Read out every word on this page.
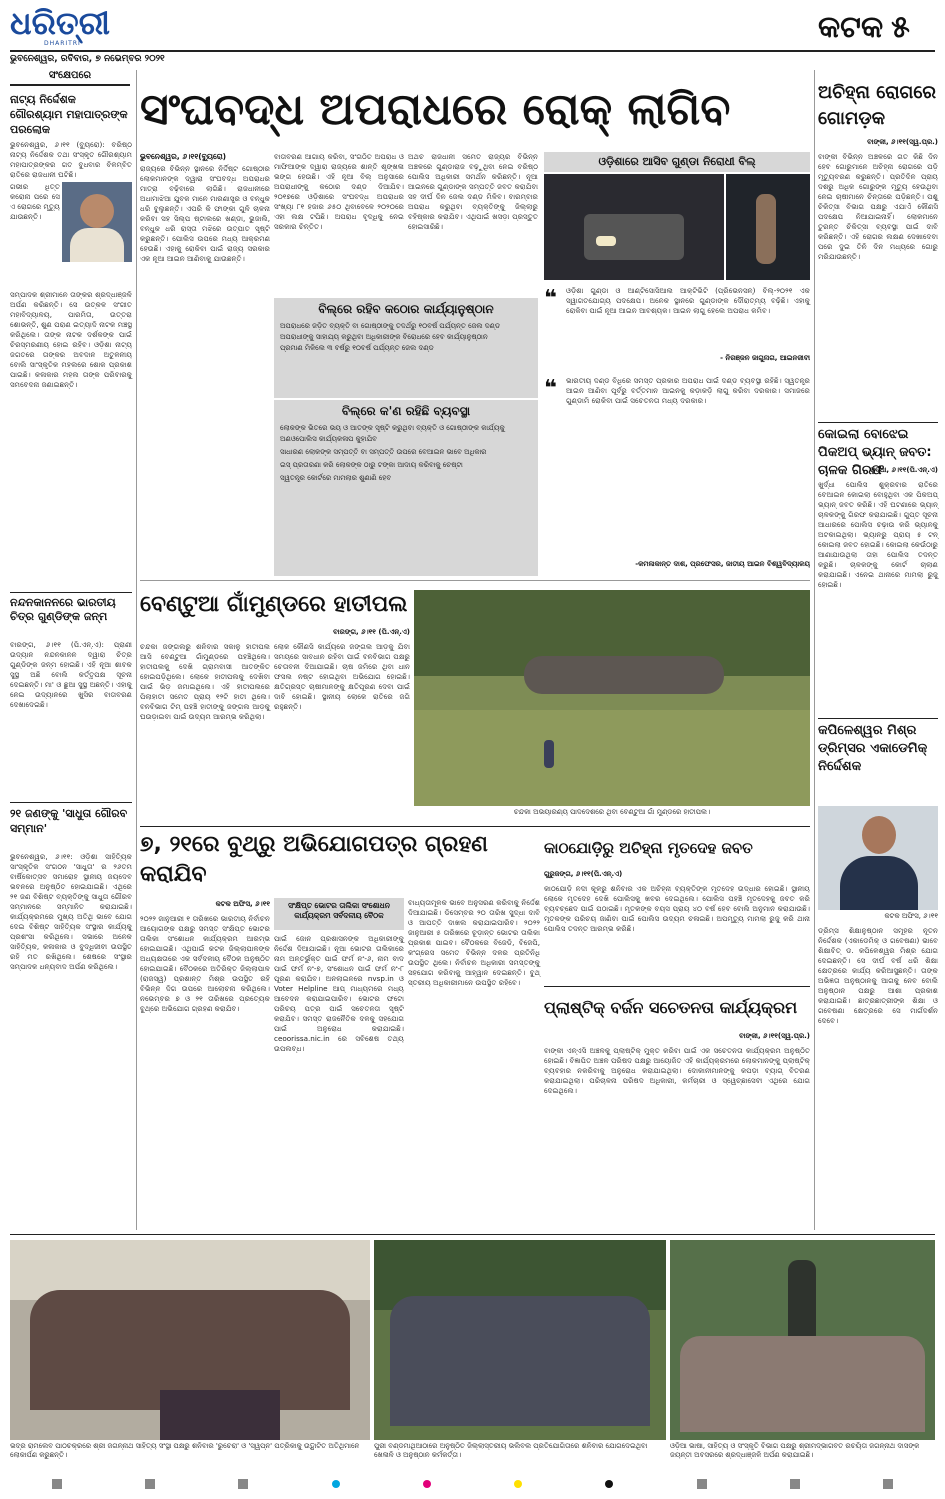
ଧରିତ୍ରୀ
DHARITRI
ଭୁବନେଶ୍ୱର, ରବିବାର, ୭ ନଭେମ୍ବର ୨୦୨୧
କଟକ ୫
ସଂକ୍ଷେପରେ
ନାଟ୍ୟ ନିର୍ଦ୍ଦେଶକ ଗୌରଶ୍ୟାମ ମହାପାତ୍ରଙ୍କ ପରଲୋକ
ଭୁବନେଶ୍ୱର, ୬।୧୧ (ବ୍ୟୁରୋ): ବରିଷ୍ଠ ନାଟ୍ୟ ନିର୍ଦ୍ଦେଶକ ତଥା ସଂସ୍କୃତ ଗୌରଶ୍ୟାମ ମହାପାତ୍ରଙ୍କର ଗତ ବୁଧବାର ବିଳମ୍ବିତ ରାତିରେ ରାଜଧାନୀ ଘଟିଛି।
ଗଭୀର ଧିତ୍ତ କରୋନା ପରେ ସେ ଏ ରୋଗରେ ମୃତ୍ୟୁ ଯାଉଛନ୍ତି।
ସମ୍ପାଦକ ଶ୍ରୀମାନେ ତାଙ୍କର ଶ୍ରଦ୍ଧାଞ୍ଜଳି ଅର୍ପଣ କରିଛନ୍ତି। ସେ ଉତ୍କଳ ସଂଗୀତ ମହାବିଦ୍ୟାଳୟ, ପାରମିତା, ଉତ୍ତରା ଶୋଭନ୍ତି, ଶୁଣ ପରାଣ ଇତ୍ୟାଦି ନାଟକ ମଞ୍ଚସ୍ଥ କରିଥିଲେ। ତାଙ୍କ ନାଟକ ଦର୍ଶକଙ୍କ ପାଇଁ ଚିରସ୍ମରଣୀୟ ହୋଇ ରହିବ। ଓଡ଼ିଶା ନାଟ୍ୟ ଜଗତରେ ତାଙ୍କର ଅବଦାନ ଅତୁଳନୀୟ ବୋଲି ସାଂସ୍କୃତିକ ମହଲରେ ଶୋକ ପ୍ରକାଶ ପାଇଛି। କଳାକାର ମହଲ ତାଙ୍କ ପରିବାରକୁ ସମବେଦନା ଜଣାଇଛନ୍ତି।
ନନ୍ଦନକାନନରେ ଭାରତୀୟ ଚିତ୍ର ଗୁଣ୍ଡିଙ୍କ ଜନ୍ମ
ବାରଙ୍ଗ, ୬।୧୧ (ପି.ଏନ୍.ଏ): ପ୍ରାଣୀ ଉଦ୍ୟାନ ନନ୍ଦନକାନନ ଦ୍ୱାରା ଚିତ୍ର ଗୁଣ୍ଡିଙ୍କ ଜନ୍ମ ହୋଇଛି। ଏହି ନୂଆ ଶାବକ ସୁସ୍ଥ ଅଛି ବୋଲି କର୍ତ୍ତୃପକ୍ଷ ସୂଚନା ଦେଇଛନ୍ତି। ମା' ଓ ଛୁଆ ସୁସ୍ଥ ଅଛନ୍ତି। ଏହାକୁ ନେଇ ଉଦ୍ୟାନରେ ଖୁସିର ବାତାବରଣ ଦେଖାଦେଇଛି।
୨୧ ଜଣଙ୍କୁ 'ସାଧୁତା ଗୌରବ ସମ୍ମାନ'
ଭୁବନେଶ୍ୱର, ୬।୧୧: ଓଡ଼ିଶା ସାହିତ୍ୟିକ ସାଂସ୍କୃତିକ ସଂଗଠନ 'ସାଧୁତା' ର ୨୬ତମ ବାର୍ଷିକୋତ୍ସବ ସମାରୋହ ସ୍ଥାନୀୟ ଜୟଦେବ ଭବନରେ ଅନୁଷ୍ଠିତ ହୋଇଯାଇଛି। ଏଥିରେ ୨୧ ଜଣ ବିଶିଷ୍ଟ ବ୍ୟକ୍ତିଙ୍କୁ ସାଧୁତା ଗୌରବ ସମ୍ମାନରେ ସମ୍ମାନିତ କରାଯାଇଛି। କାର୍ଯ୍ୟକ୍ରମରେ ମୁଖ୍ୟ ଅତିଥି ଭାବେ ଯୋଗ ଦେଇ ବିଶିଷ୍ଟ ସାହିତ୍ୟିକ ସଂସ୍ଥାର କାର୍ଯ୍ୟକୁ ପ୍ରଶଂସା କରିଥିଲେ। ସଭାରେ ଅନେକ ସାହିତ୍ୟିକ, କଳାକାର ଓ ବୁଦ୍ଧିଜୀବୀ ଉପସ୍ଥିତ ରହି ମତ ରଖିଥିଲେ। ଶେଷରେ ସଂସ୍ଥାର ସମ୍ପାଦକ ଧନ୍ୟବାଦ ଅର୍ପଣ କରିଥିଲେ।
ସଂଘବଦ୍ଧ ଅପରାଧରେ ରୋକ୍ ଲାଗିବ
ଭୁବନେଶ୍ୱର, ୬।୧୧(ବ୍ୟୁରୋ)
ରାଜ୍ୟରେ ବିଭିନ୍ନ ସ୍ଥାନରେ ନିର୍ଦ୍ଦିଷ୍ଟ ଗୋଷ୍ଠୀର ଲୋକମାନଙ୍କ ଦ୍ୱାରା ସଂଘବଦ୍ଧ ଅପରାଧର ମାତ୍ରା ବଢ଼ିବାରେ ଲାଗିଛି। ରାଜଧାନୀରେ ଅଧାମାଝିଆ ଯୁବକ ମାନେ ମାରଣାସ୍ତ୍ର ଓ ବନ୍ଧୁକ ଧରି ବୁଲୁଛନ୍ତି। ଏପରି କି ଫାଙ୍କା ଗୁଳି ଚାଳନା କରିବା ସହ ସିଲ୍ପ ଷ୍ଟାଲରେ ଖଣ୍ଡା, ଭୁଜାଲି, ବନ୍ଧୁକ ଧରି ରାସ୍ତା ମଝିରେ ଉତ୍ପାତ ସୃଷ୍ଟି କରୁଛନ୍ତି। ପୋଲିସ ଉପରେ ମଧ୍ୟ ଆକ୍ରମଣ ହେଉଛି। ଏହାକୁ ରୋକିବା ପାଇଁ ରାଜ୍ୟ ସରକାର ଏକ ନୂଆ ଆଇନ ଆଣିବାକୁ ଯାଉଛନ୍ତି।
ବାତାବରଣ ଆଗାୟ କରିବା, ସଂଗଠିତ ଅପରାଧ ଓ ମାଫିଆଙ୍କ ଦ୍ୱାରା ରାଜ୍ୟରେ ଶାନ୍ତି ଶୃଙ୍ଖଳା ଭଙ୍ଗ ହେଉଛି। ଏହି ନୂଆ ବିଲ୍ ଅନୁସାରେ ଅପରାଧୀଙ୍କୁ କଠୋର ଦଣ୍ଡ ଦିଆଯିବ। ୨୦୧୭ରେ ଓଡ଼ିଶାରେ ସଂଘବଦ୍ଧ ଅପରାଧର ସଂଖ୍ୟା ୮୧ ହଜାର ୬୫୦ ଥିବାବେଳେ ୨୦୨୦ରେ ଏହା ଲକ୍ଷ ଟପିଛି। ଅପରାଧ ବୃଦ୍ଧିକୁ ନେଇ ସରକାର ଚିନ୍ତିତ।
ଅଥଚ ରାଜଧାନୀ ସମେତ ରାଜ୍ୟର ବିଭିନ୍ନ ଅଞ୍ଚଳରେ ଗୁଣ୍ଡାରାଜ ବଢ଼ୁଥିବା ନେଇ ବରିଷ୍ଠ ପୋଲିସ ଅଧିକାରୀ ସମର୍ଥନ କରିଛନ୍ତି। ନୂଆ ଆଇନରେ ଗୁଣ୍ଡାଙ୍କ ସମ୍ପତ୍ତି ଜବତ କରାଯିବା ସହ ଦୀର୍ଘ ଦିନ ଜେଲ ଦଣ୍ଡ ମିଳିବ। ବାରମ୍ବାର ଅପରାଧ କରୁଥିବା ବ୍ୟକ୍ତିଙ୍କୁ ଜିଲ୍ଲାରୁ ବହିଷ୍କାର କରାଯିବ। ଏଥିପାଇଁ ଖସଡ଼ା ପ୍ରସ୍ତୁତ ହୋଇସାରିଛି।
ବିଲ୍‌ରେ ରହିବ କଠୋର କାର୍ଯ୍ୟାନୁଷ୍ଠାନ
ଅପରାଧରେ ଜଡ଼ିତ ବ୍ୟକ୍ତି ବା ଗୋଷ୍ଠୀଙ୍କୁ ତଦର୍ଥରୁ ୧୦ବର୍ଷ ପର୍ଯ୍ୟନ୍ତ ଜେଲ ଦଣ୍ଡ
ଅପରାଧୀଙ୍କୁ ସାହାଯ୍ୟ କରୁଥିବା ଅଧିକାରୀଙ୍କ ବିରୋଧରେ ହେବ କାର୍ଯ୍ୟାନୁଷ୍ଠାନ
ପ୍ରମାଣ ମିଳିଲେ ୩ ବର୍ଷରୁ ୧୦ବର୍ଷ ପର୍ଯ୍ୟନ୍ତ ଜେଲ ଦଣ୍ଡ
ବିଲ୍‌ରେ କ'ଣ ରହିଛି ବ୍ୟବସ୍ଥା
ଲୋକଙ୍କ ଭିତରେ ଭୟ ଓ ଆତଙ୍କ ସୃଷ୍ଟି କରୁଥିବା ବ୍ୟକ୍ତି ଓ ଗୋଷ୍ଠୀଙ୍କ କାର୍ଯ୍ୟକୁ ଅଣଓପୋଲିସ କାର୍ଯ୍ୟକଳାପ କୁହାଯିବ
ସାଧାରଣ ଲୋକଙ୍କ ସମ୍ପତ୍ତି ବା ସମ୍ପତ୍ତି ଉପରେ ବେଆଇନ ଭାବେ ଅଧିକାର
ଇସ୍ ପ୍ରତାରଣା କରି ଲୋକଙ୍କ ଠାରୁ ଟଙ୍କା ଆଦାୟ କରିବାକୁ ଚେଷ୍ଟା
ସ୍ୱତନ୍ତ୍ର କୋର୍ଟରେ ମାମଲାର ଶୁଣାଣି ହେବ
ଓଡ଼ିଶାରେ ଆସିବ ଗୁଣ୍ଡା ନିରୋଧୀ ବିଲ୍
❝ ଓଡ଼ିଶା ଗୁଣ୍ଡା ଓ ଆଣ୍ଟିସୋସିଆଲ ଆକ୍ଟିଭିଟି (ପ୍ରିଭେନସନ୍) ବିଲ୍-୨୦୨୧ ଏକ ସ୍ୱାଗତଯୋଗ୍ୟ ପଦକ୍ଷେପ। ଅନେକ ସ୍ଥାନରେ ଗୁଣ୍ଡାଙ୍କ ଦୌରାତ୍ମ୍ୟ ବଢ଼ିଛି। ଏହାକୁ ରୋକିବା ପାଇଁ ନୂଆ ଆଇନ ଆବଶ୍ୟକ। ଆଇନ ଲାଗୁ ହେଲେ ଅପରାଧ କମିବ।
- ନିରଞ୍ଜନ ଜାଗୁନାଗ, ଆଇନଜୀବୀ
❝ ଭାରତୀୟ ଦଣ୍ଡ ବିଧିରେ ସମସ୍ତ ପ୍ରକାର ଅପରାଧ ପାଇଁ ଦଣ୍ଡ ବ୍ୟବସ୍ଥା ରହିଛି। ସ୍ୱତନ୍ତ୍ର ଆଇନ ଆଣିବା ପୂର୍ବରୁ ବର୍ତ୍ତମାନ ଆଇନକୁ କଡ଼ାକଡ଼ି ଲାଗୁ କରିବା ଦରକାର। ସମାଜରେ ଗୁଣ୍ଡାମି ରୋକିବା ପାଇଁ ସଚେତନତା ମଧ୍ୟ ଦରକାର।
-କମଳାକାନ୍ତ ଦାଶ, ପ୍ରଫେସର, ଜାତୀୟ ଆଇନ ବିଶ୍ୱବିଦ୍ୟାଳୟ
ଅଚିହ୍ନା ରୋଗରେ ଗୋମଡ଼କ
ବାଙ୍କୀ, ୬।୧୧(ସ୍ୱ.ପ୍ର.)
ବାଙ୍କୀ ବିଭିନ୍ନ ଅଞ୍ଚଳରେ ଗତ କିଛି ଦିନ ହେବ ଗୋରୁମାନେ ଅଚିହ୍ନା ରୋଗରେ ପଡ଼ି ମୃତ୍ୟୁବରଣ କରୁଛନ୍ତି। ପ୍ରତିଦିନ ପ୍ରାୟ ଦଶରୁ ଅଧିକ ଗୋରୁଙ୍କ ମୃତ୍ୟୁ ହେଉଥିବା ନେଇ ଚାଷୀମାନେ ଚିନ୍ତାରେ ପଡ଼ିଛନ୍ତି। ପଶୁ ଚିକିତ୍ସା ବିଭାଗ ପକ୍ଷରୁ ଏଯାଏଁ କୌଣସି ପଦକ୍ଷେପ ନିଆଯାଇନାହିଁ। ଲୋକମାନେ ତୁରନ୍ତ ଚିକିତ୍ସା ବ୍ୟବସ୍ଥା ପାଇଁ ଦାବି କରିଛନ୍ତି। ଏହି ରୋଗର ଲକ୍ଷଣ ଦେଖାଦେବା ପରେ ଦୁଇ ତିନି ଦିନ ମଧ୍ୟରେ ଗୋରୁ ମରିଯାଉଛନ୍ତି।
କୋଇଲା ବୋଝେଇ ପିକଅପ୍ ଭ୍ୟାନ୍ ଜବତ: ଚାଳକ ଗିରଫ
ଖୁର୍ଦ୍ଧା, ୬।୧୧(ପି.ଏନ୍.ଏ)
ଖୁର୍ଦ୍ଧା ପୋଲିସ ଶୁକ୍ରବାର ରାତିରେ ବେଆଇନ କୋଇଲା ବୋହୁଥିବା ଏକ ପିକଅପ୍ ଭ୍ୟାନ୍ ଜବତ କରିଛି। ଏହି ଘଟଣାରେ ଭ୍ୟାନ୍ ଚାଳକଙ୍କୁ ଗିରଫ କରାଯାଇଛି। ଗୁପ୍ତ ସୂଚନା ଆଧାରରେ ପୋଲିସ ଚଢ଼ାଉ କରି ଭ୍ୟାନକୁ ଅଟକାଇଥିଲା। ଭ୍ୟାନରୁ ପ୍ରାୟ ୫ ଟନ୍ କୋଇଲା ଜବତ ହୋଇଛି। କୋଇଲା କେଉଁଠାରୁ ଆଣାଯାଉଥିଲା ତାହା ପୋଲିସ ତଦନ୍ତ କରୁଛି। ଚାଳକଙ୍କୁ କୋର୍ଟ ଚାଲାଣ କରାଯାଇଛି। ଏନେଇ ଥାନାରେ ମାମଲା ରୁଜୁ ହୋଇଛି।
କପିଳେଶ୍ୱର ମିଶ୍ର ଡ୍ରିମ୍ସର ଏକାଡେମିକ୍ ନିର୍ଦ୍ଦେଶକ
କଟକ ଅଫିସ, ୬।୧୧
ଡ୍ରିମ୍ସ ଶିକ୍ଷାନୁଷ୍ଠାନ ସମୂହର ନୂତନ ନିର୍ଦ୍ଦେଶକ (ଏକାଡେମିକ୍ ଓ ଗବେଷଣା) ଭାବେ ଶିକ୍ଷାବିତ୍ ଡ. କପିଳେଶ୍ୱର ମିଶ୍ର ଯୋଗ ଦେଇଛନ୍ତି। ସେ ଦୀର୍ଘ ବର୍ଷ ଧରି ଶିକ୍ଷା କ୍ଷେତ୍ରରେ କାର୍ଯ୍ୟ କରିଆସୁଛନ୍ତି। ତାଙ୍କ ଅଭିଜ୍ଞତା ଅନୁଷ୍ଠାନକୁ ଆଗକୁ ନେବ ବୋଲି ଅନୁଷ୍ଠାନ ପକ୍ଷରୁ ଆଶା ପ୍ରକାଶ କରାଯାଇଛି। ଛାତ୍ରଛାତ୍ରୀଙ୍କ ଶିକ୍ଷା ଓ ଗବେଷଣା କ୍ଷେତ୍ରରେ ସେ ମାର୍ଗଦର୍ଶନ ଦେବେ।
ବେଣ୍ଟୁଆ ଗାଁମୁଣ୍ଡରେ ହାତୀପଲ
ବାରଙ୍ଗ, ୬।୧୧ (ପି.ଏନ୍.ଏ)
ଚନ୍ଦକା ଜଙ୍ଗଲରୁ ଶନିବାର ସକାଳୁ ହାତୀପଲ ଆସି ବେଣ୍ଟୁଆ ଗାଁମୁଣ୍ଡରେ ପହଞ୍ଚିଥିଲେ। ହାତୀପଲକୁ ଦେଖି ଗ୍ରାମବାସୀ ଆତଙ୍କିତ ହୋଇପଡ଼ିଥିଲେ। ଲୋକେ ହାତୀପଲକୁ ଦେଖିବା ପାଇଁ ଭିଡ଼ ଜମାଇଥିଲେ। ଏହି ହାତୀପଲରେ ପିଲାହାତୀ ସମେତ ପ୍ରାୟ ୧୨ଟି ହାତୀ ଥିଲେ। ବନବିଭାଗ ଟିମ୍ ପହଞ୍ଚି ହାତୀଙ୍କୁ ଜଙ୍ଗଲ ଆଡ଼କୁ ଘଉଡ଼ାଇବା ପାଇଁ ଉଦ୍ୟମ ଆରମ୍ଭ କରିଥିଲା।
ଲୋକ କୌଣସି କାର୍ଯ୍ୟରେ ଜଙ୍ଗଲ ଆଡ଼କୁ ଯିବା ସମୟରେ ସାବଧାନ ରହିବା ପାଇଁ ବନବିଭାଗ ପକ୍ଷରୁ ଚେତାବନୀ ଦିଆଯାଇଛି। ଚାଷ ଜମିରେ ଥିବା ଧାନ ଫସଲ ନଷ୍ଟ ହୋଇଥିବା ଅଭିଯୋଗ ହୋଇଛି। କ୍ଷତିଗ୍ରସ୍ତ ଚାଷୀମାନଙ୍କୁ କ୍ଷତିପୂରଣ ଦେବା ପାଇଁ ଦାବି ହୋଇଛି। ସ୍ଥାନୀୟ ଲୋକେ ରାତିରେ ଜଗି ରହୁଛନ୍ତି।
ଚନ୍ଦକା ଅଭୟାରଣ୍ୟ ପାଦଦେଶରେ ଥିବା ବେଣ୍ଟୁଆ ଗାଁ ମୁଣ୍ଡରେ ହାତୀପଲ।
୭, ୨୧ରେ ବୁଥ୍‌ରୁ ଅଭିଯୋଗପତ୍ର ଗ୍ରହଣ କରାଯିବ
କଟକ ଅଫିସ, ୬।୧୧	ସଂକ୍ଷିପ୍ତ ଭୋଟର ତାଲିକା ସଂଶୋଧନ କାର୍ଯ୍ୟକ୍ରମ ସର୍ବଦଳୀୟ ବୈଠକ
୨୦୨୨ ଜାନୁଆରୀ ୧ ତାରିଖରେ ଭାରତୀୟ ନିର୍ବାଚନ ଆୟୋଗଙ୍କ ପକ୍ଷରୁ ସମସ୍ତ ସଂକ୍ଷିପ୍ତ ଭୋଟର ତାଲିକା ସଂଶୋଧନ କାର୍ଯ୍ୟକ୍ରମ ଆରମ୍ଭ ହୋଇଯାଇଛି। ଏଥିପାଇଁ କଟକ ଜିଲ୍ଲାପାଳଙ୍କ ଅଧ୍ୟକ୍ଷତାରେ ଏକ ସର୍ବଦଳୀୟ ବୈଠକ ଅନୁଷ୍ଠିତ ହୋଇଯାଇଛି। ବୈଠକରେ ଅତିରିକ୍ତ ଜିଲ୍ଲାପାଳ (ରାଜସ୍ୱ) ପ୍ରଶାନ୍ତ ମିଶ୍ର ଉପସ୍ଥିତ ରହି ବିଭିନ୍ନ ଦିଗ ଉପରେ ଆଲୋଚନା କରିଥିଲେ। ନଭେମ୍ବର ୭ ଓ ୨୧ ତାରିଖରେ ପ୍ରତ୍ୟେକ ବୁଥ୍‌ରେ ଅଭିଯୋଗ ଗ୍ରହଣ କରାଯିବ।
ପାଇଁ ଜୋନ ପ୍ରଶାସନଙ୍କ ଅଧିକାରୀଙ୍କୁ ନିର୍ଦ୍ଦେଶ ଦିଆଯାଇଛି। ନୂଆ ଭୋଟର ତାଲିକାରେ ନାମ ଅନ୍ତର୍ଭୁକ୍ତ ପାଇଁ ଫର୍ମ ନଂ-୬, ନାମ ବାଦ ପାଇଁ ଫର୍ମ ନଂ-୭, ସଂଶୋଧନ ପାଇଁ ଫର୍ମ ନଂ-୮ ପୂରଣ କରାଯିବ। ଅନଲାଇନରେ nvsp.in ଓ Voter Helpline ଆପ୍ ମାଧ୍ୟମରେ ମଧ୍ୟ ଆବେଦନ କରାଯାଇପାରିବ। ଭୋଟର ଫଟୋ ପରିଚୟ ପତ୍ର ପାଇଁ ସଚେତନତା ସୃଷ୍ଟି କରାଯିବ। ସମସ୍ତ ରାଜନୈତିକ ଦଳକୁ ସହଯୋଗ ପାଇଁ ଅନୁରୋଧ କରାଯାଇଛି। ceoorissa.nic.in ରେ ସବିଶେଷ ତଥ୍ୟ ଉପଲବ୍ଧ।
ବାଧ୍ୟତାମୂଳକ ଭାବେ ଅନୁସରଣ କରିବାକୁ ନିର୍ଦ୍ଦେଶ ଦିଆଯାଇଛି। ଡିସେମ୍ବର ୨୦ ତାରିଖ ସୁଦ୍ଧା ଦାବି ଓ ଆପତ୍ତି ଦାଖଲ କରାଯାଇପାରିବ। ୨୦୨୨ ଜାନୁଆରୀ ୫ ତାରିଖରେ ଚୂଡ଼ାନ୍ତ ଭୋଟର ତାଲିକା ପ୍ରକାଶ ପାଇବ। ବୈଠକରେ ବିଜେଡି, ବିଜେପି, କଂଗ୍ରେସ ସମେତ ବିଭିନ୍ନ ଦଳର ପ୍ରତିନିଧି ଉପସ୍ଥିତ ଥିଲେ। ନିର୍ବାଚନ ଅଧିକାରୀ ସମସ୍ତଙ୍କୁ ସହଯୋଗ କରିବାକୁ ଆହ୍ୱାନ ଦେଇଛନ୍ତି। ବୁଥ୍ ସ୍ତରୀୟ ଅଧିକାରୀମାନେ ଉପସ୍ଥିତ ରହିବେ।
କାଠଯୋଡ଼ିରୁ ଅଚିହ୍ନା ମୃତଦେହ ଜବତ
ଗୁରୁଜଙ୍ଗ, ୬।୧୧(ପି.ଏନ୍.ଏ)
କାଠଯୋଡ଼ି ନଦୀ କୂଳରୁ ଶନିବାର ଏକ ଅଚିହ୍ନା ବ୍ୟକ୍ତିଙ୍କ ମୃତଦେହ ଉଦ୍ଧାର ହୋଇଛି। ସ୍ଥାନୀୟ ଲୋକେ ମୃତଦେହ ଦେଖି ପୋଲିସକୁ ଖବର ଦେଇଥିଲେ। ପୋଲିସ ପହଞ୍ଚି ମୃତଦେହକୁ ଜବତ କରି ବ୍ୟବଚ୍ଛେଦ ପାଇଁ ପଠାଇଛି। ମୃତକଙ୍କ ବୟସ ପ୍ରାୟ ୪୦ ବର୍ଷ ହେବ ବୋଲି ଅନୁମାନ କରାଯାଉଛି। ମୃତକଙ୍କ ପରିଚୟ ଜାଣିବା ପାଇଁ ପୋଲିସ ଉଦ୍ୟମ ଚଳାଇଛି। ଅପମୃତ୍ୟୁ ମାମଲା ରୁଜୁ କରି ଥାନା ପୋଲିସ ତଦନ୍ତ ଆରମ୍ଭ କରିଛି।
ପ୍ଲାଷ୍ଟିକ୍ ବର୍ଜନ ସଚେତନତା କାର୍ଯ୍ୟକ୍ରମ
ବାଙ୍କୀ, ୬।୧୧(ସ୍ୱ.ପ୍ର.)
ବାଙ୍କୀ ଏନ୍‌ଏସି ଅଞ୍ଚଳକୁ ପ୍ଲାଷ୍ଟିକ୍ ମୁକ୍ତ କରିବା ପାଇଁ ଏକ ସଚେତନତା କାର୍ଯ୍ୟକ୍ରମ ଅନୁଷ୍ଠିତ ହୋଇଛି। ବିଜ୍ଞାପିତ ଅଞ୍ଚଳ ପରିଷଦ ପକ୍ଷରୁ ଆୟୋଜିତ ଏହି କାର୍ଯ୍ୟକ୍ରମରେ ଲୋକମାନଙ୍କୁ ପ୍ଲାଷ୍ଟିକ୍ ବ୍ୟବହାର ନକରିବାକୁ ଅନୁରୋଧ କରାଯାଇଥିଲା। ଦୋକାନୀମାନଙ୍କୁ କପଡ଼ା ବ୍ୟାଗ୍ ବିତରଣ କରାଯାଇଥିଲା। ପରିଚାଳନା ପରିଷଦ ଅଧିକାରୀ, କର୍ମଚାରୀ ଓ ସ୍ୱେଚ୍ଛାସେବୀ ଏଥିରେ ଯୋଗ ଦେଇଥିଲେ।
ଭଦ୍ର ରାମଲେବ ପାଠଚକ୍ରରେ ଶ୍ରୀ ଜଗନ୍ନାଥ ସାହିତ୍ୟ ସଂସ୍ଥା ପକ୍ଷରୁ ଶନିବାର 'ରୁଚେରା' ଓ 'ସ୍ୱପ୍ନ' ପତ୍ରିକାକୁ ଉଦ୍ଘାଟିତ ଅତିଥିମାନେ ଲୋକାର୍ପଣ କରୁଛନ୍ତି।
ପୁରୀ ବଣ୍ଡମାଥିଆଠାରେ ଅନୁଷ୍ଠିତ ଜିଲ୍ଲାସ୍ତରୀୟ ଭଲିବଲ ପ୍ରତିଯୋଗିତାରେ ଶନିବାର ଯୋଗଦେଇଥିବା ଖେଳାଳି ଓ ଅନୁଷ୍ଠାନ କର୍ମକର୍ତ୍ତା।
ଓଡ଼ିଆ ଭାଷା, ସାହିତ୍ୟ ଓ ସଂସ୍କୃତି ବିଭାଗ ପକ୍ଷରୁ ଶ୍ରୀମଦ୍ଭାଗବତ ରଚୟିତା ଜଗନ୍ନାଥ ଦାସଙ୍କ ଜୟନ୍ତୀ ଅବସରରେ ଶ୍ରଦ୍ଧାଞ୍ଜଳି ଅର୍ପଣ କରାଯାଇଛି।
